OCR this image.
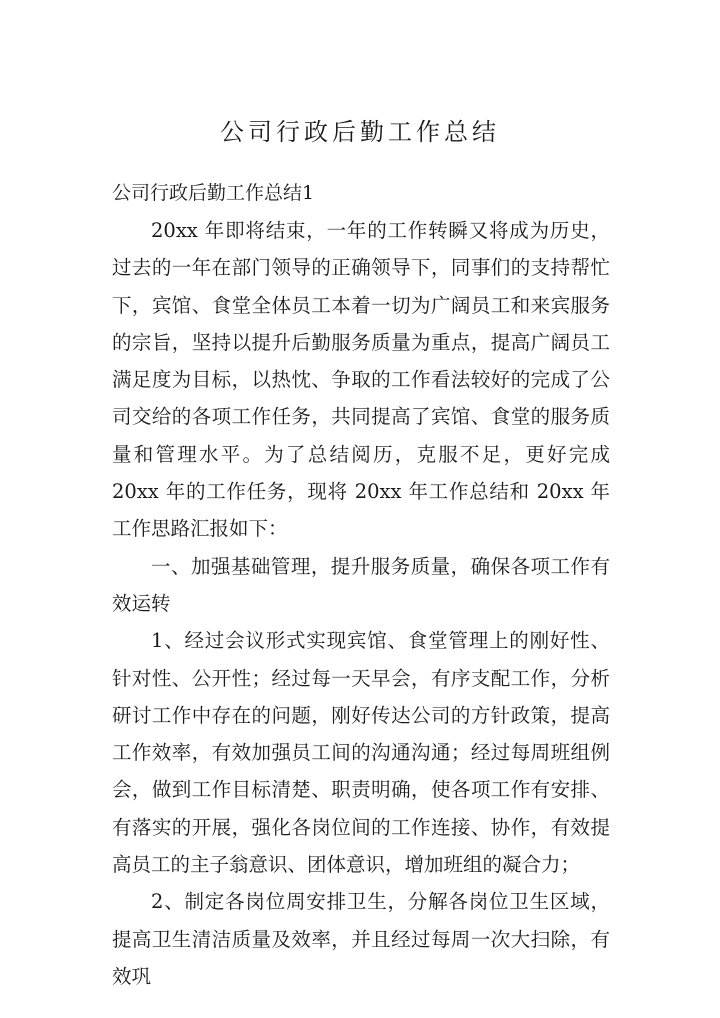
公司行政后勤工作总结
公司行政后勤工作总结1

20xx 年即将结束，一年的工作转瞬又将成为历史，过去的一年在部门领导的正确领导下，同事们的支持帮忙下，宾馆、食堂全体员工本着一切为广阔员工和来宾服务的宗旨，坚持以提升后勤服务质量为重点，提高广阔员工满足度为目标，以热忱、争取的工作看法较好的完成了公司交给的各项工作任务，共同提高了宾馆、食堂的服务质量和管理水平。为了总结阅历，克服不足，更好完成 20xx 年的工作任务，现将 20xx 年工作总结和 20xx 年工作思路汇报如下：

一、加强基础管理，提升服务质量，确保各项工作有效运转

1、经过会议形式实现宾馆、食堂管理上的刚好性、针对性、公开性；经过每一天早会，有序支配工作，分析研讨工作中存在的问题，刚好传达公司的方针政策，提高工作效率，有效加强员工间的沟通沟通；经过每周班组例会，做到工作目标清楚、职责明确，使各项工作有安排、有落实的开展，强化各岗位间的工作连接、协作，有效提高员工的主子翁意识、团体意识，增加班组的凝合力；

2、制定各岗位周安排卫生，分解各岗位卫生区域，提高卫生清洁质量及效率，并且经过每周一次大扫除，有效巩
